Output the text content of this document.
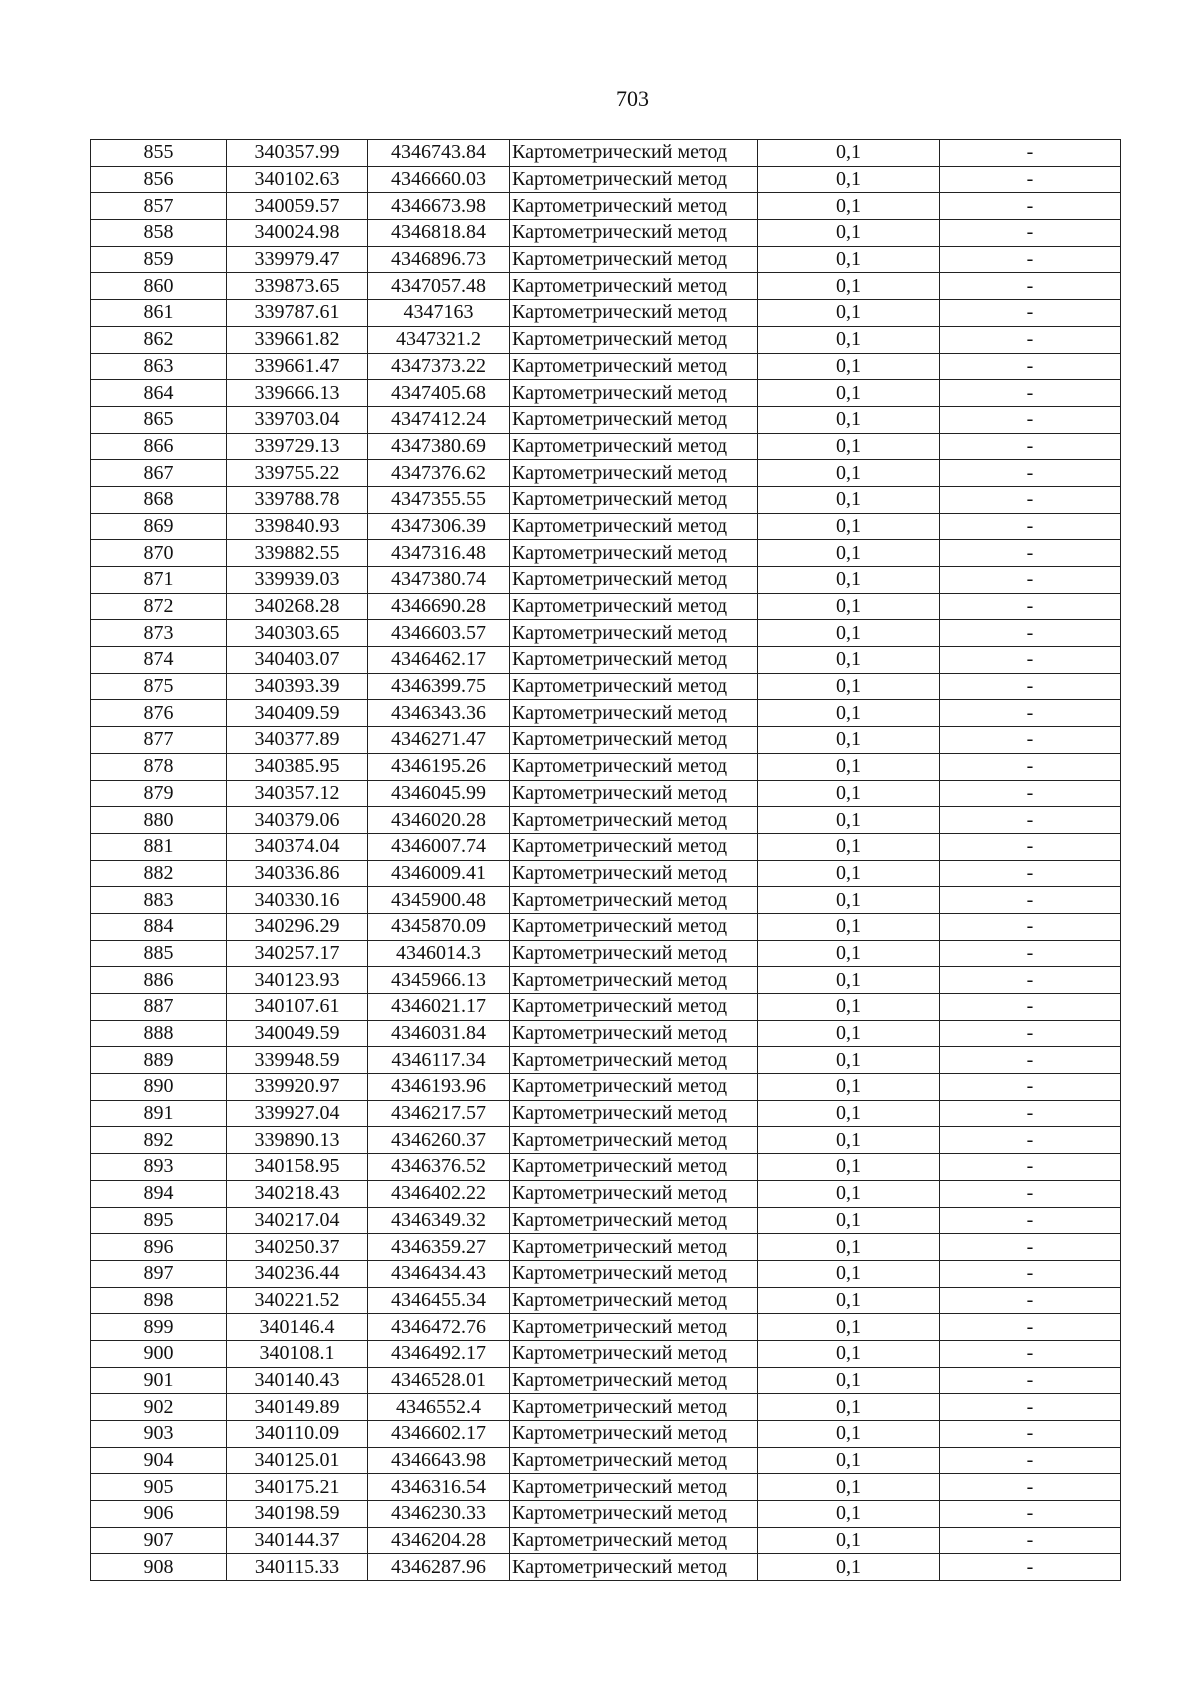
703
855	340357.99	4346743.84	Картометрический метод	0,1	-
856	340102.63	4346660.03	Картометрический метод	0,1	-
857	340059.57	4346673.98	Картометрический метод	0,1	-
858	340024.98	4346818.84	Картометрический метод	0,1	-
859	339979.47	4346896.73	Картометрический метод	0,1	-
860	339873.65	4347057.48	Картометрический метод	0,1	-
861	339787.61	4347163	Картометрический метод	0,1	-
862	339661.82	4347321.2	Картометрический метод	0,1	-
863	339661.47	4347373.22	Картометрический метод	0,1	-
864	339666.13	4347405.68	Картометрический метод	0,1	-
865	339703.04	4347412.24	Картометрический метод	0,1	-
866	339729.13	4347380.69	Картометрический метод	0,1	-
867	339755.22	4347376.62	Картометрический метод	0,1	-
868	339788.78	4347355.55	Картометрический метод	0,1	-
869	339840.93	4347306.39	Картометрический метод	0,1	-
870	339882.55	4347316.48	Картометрический метод	0,1	-
871	339939.03	4347380.74	Картометрический метод	0,1	-
872	340268.28	4346690.28	Картометрический метод	0,1	-
873	340303.65	4346603.57	Картометрический метод	0,1	-
874	340403.07	4346462.17	Картометрический метод	0,1	-
875	340393.39	4346399.75	Картометрический метод	0,1	-
876	340409.59	4346343.36	Картометрический метод	0,1	-
877	340377.89	4346271.47	Картометрический метод	0,1	-
878	340385.95	4346195.26	Картометрический метод	0,1	-
879	340357.12	4346045.99	Картометрический метод	0,1	-
880	340379.06	4346020.28	Картометрический метод	0,1	-
881	340374.04	4346007.74	Картометрический метод	0,1	-
882	340336.86	4346009.41	Картометрический метод	0,1	-
883	340330.16	4345900.48	Картометрический метод	0,1	-
884	340296.29	4345870.09	Картометрический метод	0,1	-
885	340257.17	4346014.3	Картометрический метод	0,1	-
886	340123.93	4345966.13	Картометрический метод	0,1	-
887	340107.61	4346021.17	Картометрический метод	0,1	-
888	340049.59	4346031.84	Картометрический метод	0,1	-
889	339948.59	4346117.34	Картометрический метод	0,1	-
890	339920.97	4346193.96	Картометрический метод	0,1	-
891	339927.04	4346217.57	Картометрический метод	0,1	-
892	339890.13	4346260.37	Картометрический метод	0,1	-
893	340158.95	4346376.52	Картометрический метод	0,1	-
894	340218.43	4346402.22	Картометрический метод	0,1	-
895	340217.04	4346349.32	Картометрический метод	0,1	-
896	340250.37	4346359.27	Картометрический метод	0,1	-
897	340236.44	4346434.43	Картометрический метод	0,1	-
898	340221.52	4346455.34	Картометрический метод	0,1	-
899	340146.4	4346472.76	Картометрический метод	0,1	-
900	340108.1	4346492.17	Картометрический метод	0,1	-
901	340140.43	4346528.01	Картометрический метод	0,1	-
902	340149.89	4346552.4	Картометрический метод	0,1	-
903	340110.09	4346602.17	Картометрический метод	0,1	-
904	340125.01	4346643.98	Картометрический метод	0,1	-
905	340175.21	4346316.54	Картометрический метод	0,1	-
906	340198.59	4346230.33	Картометрический метод	0,1	-
907	340144.37	4346204.28	Картометрический метод	0,1	-
908	340115.33	4346287.96	Картометрический метод	0,1	-
